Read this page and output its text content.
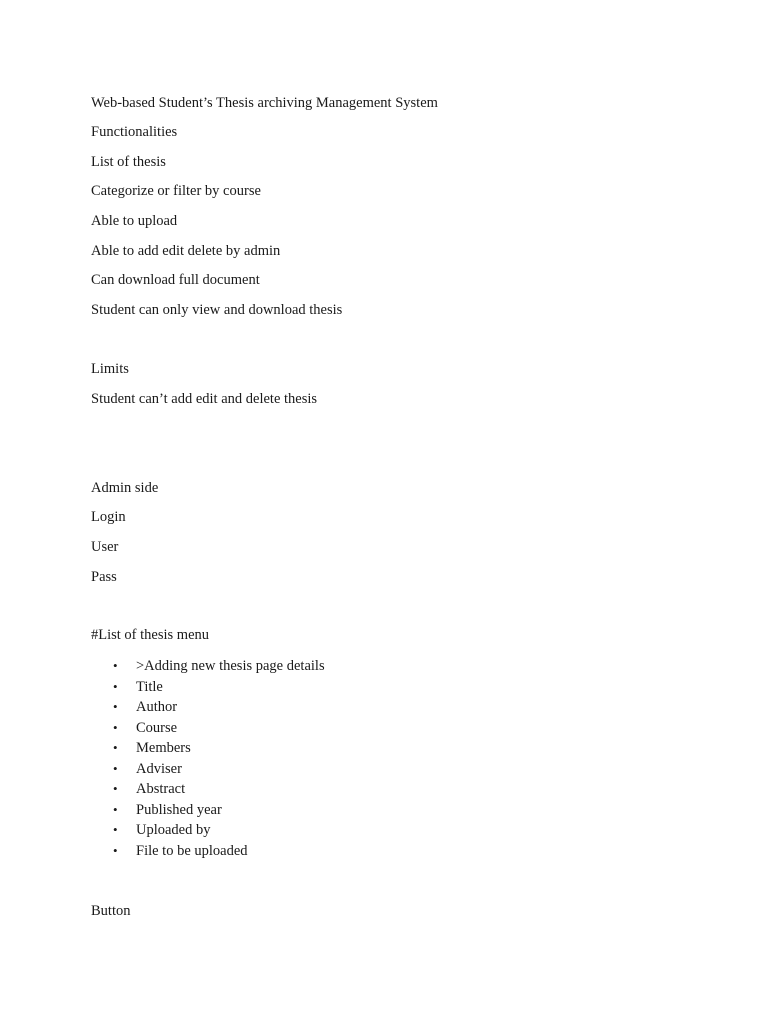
Web-based Student’s Thesis archiving Management System
Functionalities
List of thesis
Categorize or filter by course
Able to upload
Able to add edit delete by admin
Can download full document
Student can only view and download thesis
Limits
Student can’t add edit and delete thesis
Admin side
Login
User
Pass
#List of thesis menu
• >Adding new thesis page details
• Title
• Author
• Course
• Members
• Adviser
• Abstract
• Published year
• Uploaded by
• File to be uploaded
Button
